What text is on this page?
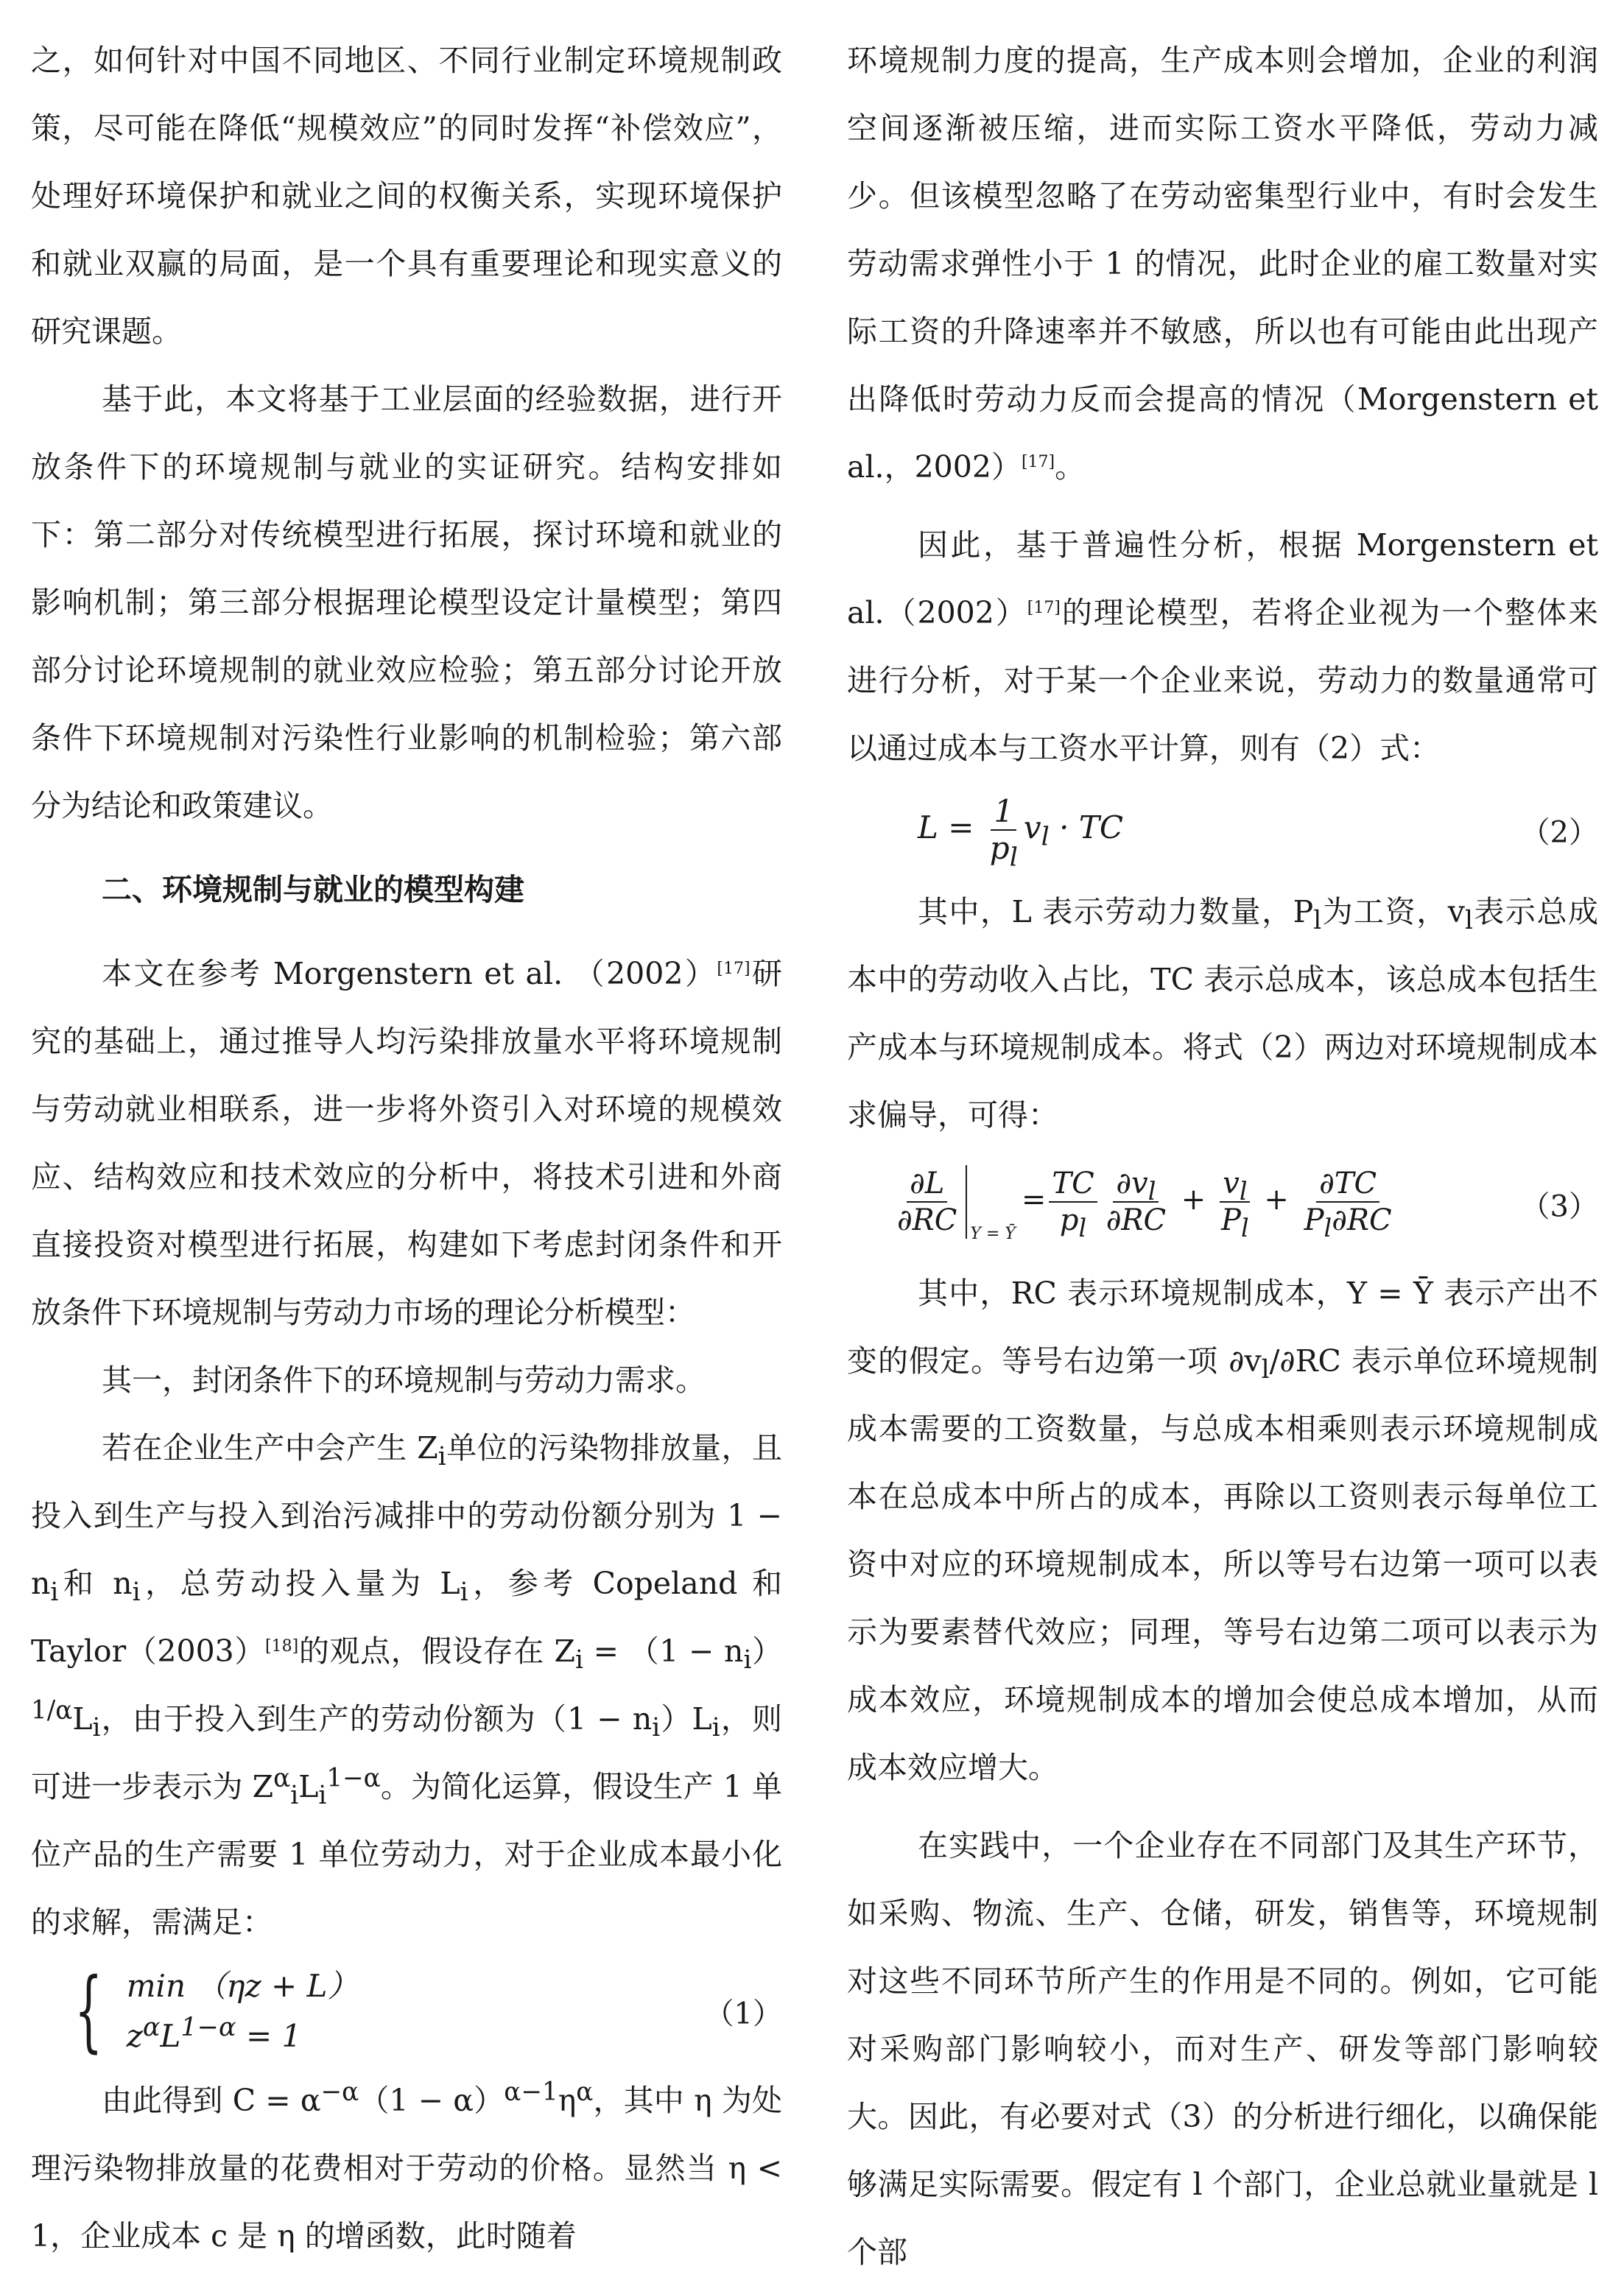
之，如何针对中国不同地区、不同行业制定环境规制政策，尽可能在降低“规模效应”的同时发挥“补偿效应”，处理好环境保护和就业之间的权衡关系，实现环境保护和就业双赢的局面，是一个具有重要理论和现实意义的研究课题。

基于此，本文将基于工业层面的经验数据，进行开放条件下的环境规制与就业的实证研究。结构安排如下：第二部分对传统模型进行拓展，探讨环境和就业的影响机制；第三部分根据理论模型设定计量模型；第四部分讨论环境规制的就业效应检验；第五部分讨论开放条件下环境规制对污染性行业影响的机制检验；第六部分为结论和政策建议。

二、环境规制与就业的模型构建

本文在参考 Morgenstern et al. （2002）[17]研究的基础上，通过推导人均污染排放量水平将环境规制与劳动就业相联系，进一步将外资引入对环境的规模效应、结构效应和技术效应的分析中，将技术引进和外商直接投资对模型进行拓展，构建如下考虑封闭条件和开放条件下环境规制与劳动力市场的理论分析模型：

其一，封闭条件下的环境规制与劳动力需求。

若在企业生产中会产生 $Z_i$单位的污染物排放量，且投入到生产与投入到治污减排中的劳动份额分别为 $1 - n_i$和 $n_i$，总劳动投入量为 $L_i$，参考 Copeland 和 Taylor（2003）[18]的观点，假设存在 $Z_i = (1 - n_i)^{1/\alpha}L_i$，由于投入到生产的劳动份额为$(1 - n_i)L_i$，则可进一步表示为 $Z^\alpha_iL_i^{1-\alpha}$。为简化运算，假设生产 1 单位产品的生产需要 1 单位劳动力，对于企业成本最小化的求解，需满足：

{ min （ηz + L）
$z^\alpha L^{1-\alpha} = 1$
（1）

由此得到 $C = \alpha^{-\alpha}(1 - \alpha)^{\alpha-1}\eta^\alpha$，其中 η 为处理污染物排放量的花费相对于劳动的价格。显然当 η < 1，企业成本 c 是 η 的增函数，此时随着

环境规制力度的提高，生产成本则会增加，企业的利润空间逐渐被压缩，进而实际工资水平降低，劳动力减少。但该模型忽略了在劳动密集型行业中，有时会发生劳动需求弹性小于 1 的情况，此时企业的雇工数量对实际工资的升降速率并不敏感，所以也有可能由此出现产出降低时劳动力反而会提高的情况（Morgenstern et al.，2002）[17]。

因此，基于普遍性分析，根据 Morgenstern et al.（2002）[17]的理论模型，若将企业视为一个整体来进行分析，对于某一个企业来说，劳动力的数量通常可以通过成本与工资水平计算，则有（2）式：

$L = \frac{1}{p_l} v_l$ · TC	（2）

其中，L 表示劳动力数量，$P_l$为工资，$v_l$表示总成本中的劳动收入占比，TC 表示总成本，该总成本包括生产成本与环境规制成本。将式（2）两边对环境规制成本求偏导，可得：

$\frac{\partial L}{\partial RC}$ Y = Ȳ= $\frac{TC}{p_l} \frac{\partial v_l}{\partial RC} + \frac{v_l}{P_l} + \frac{\partial TC}{P_l\partial RC}$	（3）

其中，RC 表示环境规制成本，Y = Ȳ 表示产出不变的假定。等号右边第一项 $\partial v_l/\partial RC$ 表示单位环境规制成本需要的工资数量，与总成本相乘则表示环境规制成本在总成本中所占的成本，再除以工资则表示每单位工资中对应的环境规制成本，所以等号右边第一项可以表示为要素替代效应；同理，等号右边第二项可以表示为成本效应，环境规制成本的增加会使总成本增加，从而成本效应增大。

在实践中，一个企业存在不同部门及其生产环节，如采购、物流、生产、仓储，研发，销售等，环境规制对这些不同环节所产生的作用是不同的。例如，它可能对采购部门影响较小，而对生产、研发等部门影响较大。因此，有必要对式（3）的分析进行细化，以确保能够满足实际需要。假定有 l 个部门，企业总就业量就是 l 个部
